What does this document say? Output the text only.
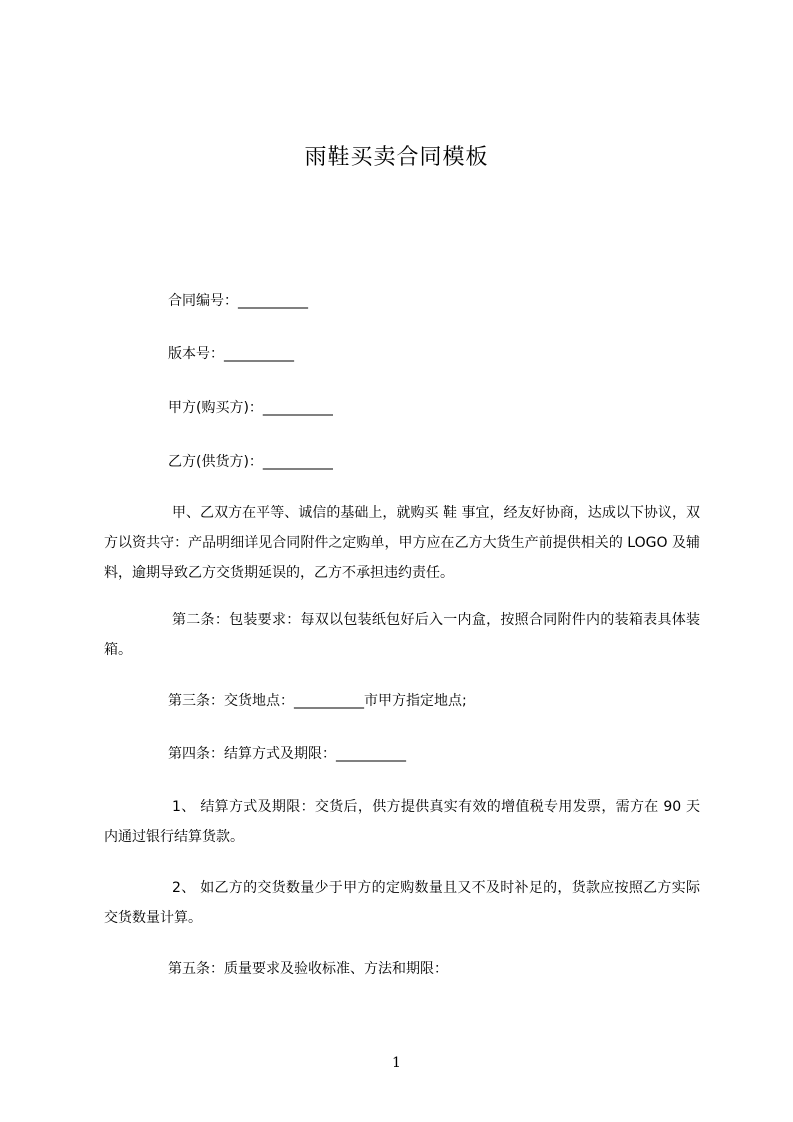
雨鞋买卖合同模板
合同编号：__________
版本号：__________
甲方(购买方)：__________
乙方(供货方)：__________
甲、乙双方在平等、诚信的基础上，就购买 鞋 事宜，经友好协商，达成以下协议，双方以资共守：产品明细详见合同附件之定购单，甲方应在乙方大货生产前提供相关的 LOGO 及辅料，逾期导致乙方交货期延误的，乙方不承担违约责任。
第二条：包装要求：每双以包装纸包好后入一内盒，按照合同附件内的装箱表具体装箱。
第三条：交货地点：__________市甲方指定地点;
第四条：结算方式及期限：__________
1、 结算方式及期限：交货后，供方提供真实有效的增值税专用发票，需方在 90 天内通过银行结算货款。
2、 如乙方的交货数量少于甲方的定购数量且又不及时补足的，货款应按照乙方实际交货数量计算。
第五条：质量要求及验收标准、方法和期限：
1
